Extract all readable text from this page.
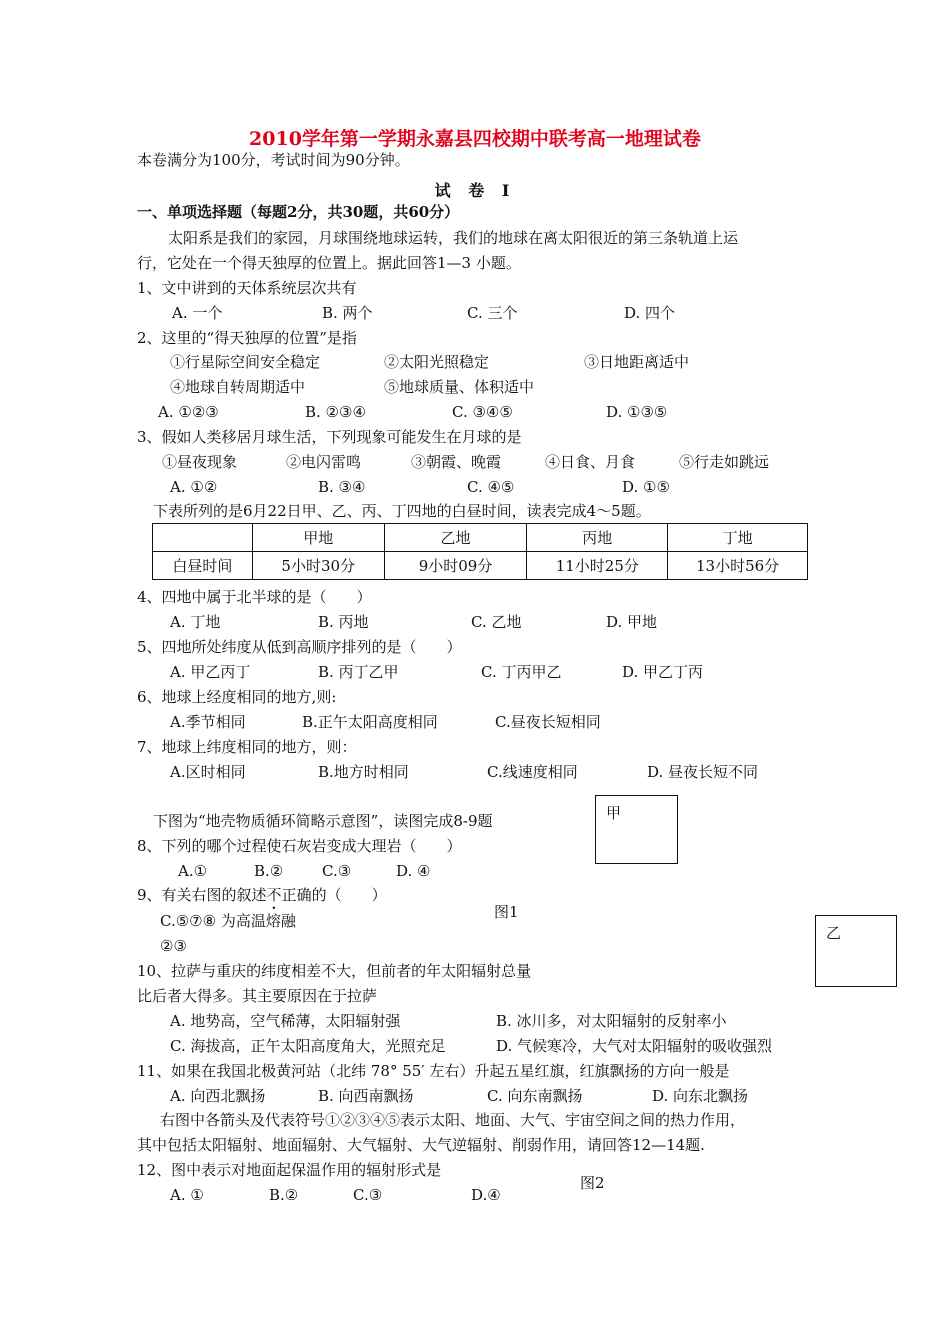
2010学年第一学期永嘉县四校期中联考高一地理试卷
本卷满分为100分，考试时间为90分钟。
试 卷 I
一、单项选择题（每题2分，共30题，共60分）
太阳系是我们的家园，月球围绕地球运转，我们的地球在离太阳很近的第三条轨道上运
行，它处在一个得天独厚的位置上。据此回答1—3 小题。
1、文中讲到的天体系统层次共有
A. 一个	B. 两个	C. 三个	D. 四个
2、这里的“得天独厚的位置”是指
①行星际空间安全稳定	②太阳光照稳定	③日地距离适中
④地球自转周期适中	⑤地球质量、体积适中
A. ①②③	B. ②③④	C. ③④⑤	D. ①③⑤
3、假如人类移居月球生活，下列现象可能发生在月球的是
①昼夜现象	②电闪雷鸣	③朝霞、晚霞	④日食、月食	⑤行走如跳远
A. ①②	B. ③④	C. ④⑤	D. ①⑤
下表所列的是6月22日甲、乙、丙、丁四地的白昼时间，读表完成4～5题。
	甲地	乙地	丙地	丁地
白昼时间	5小时30分	9小时09分	11小时25分	13小时56分
4、四地中属于北半球的是（　　）
A. 丁地	B. 丙地	C. 乙地	D. 甲地
5、四地所处纬度从低到高顺序排列的是（　　）
A. 甲乙丙丁	B. 丙丁乙甲	C. 丁丙甲乙	D. 甲乙丁丙
6、地球上经度相同的地方,则:
A.季节相同	B.正午太阳高度相同	C.昼夜长短相同
7、地球上纬度相同的地方，则：
A.区时相同	B.地方时相同	C.线速度相同	D. 昼夜长短不同
甲
下图为“地壳物质循环简略示意图”，读图完成8-9题
8、下列的哪个过程使石灰岩变成大理岩（　　）
A.①	B.②	C.③	D. ④
9、有关右图的叙述不正确的（　　）
图1
C.⑤⑦⑧ 为高温熔融
②③
乙
10、拉萨与重庆的纬度相差不大，但前者的年太阳辐射总量
比后者大得多。其主要原因在于拉萨
A. 地势高，空气稀薄，太阳辐射强	B. 冰川多，对太阳辐射的反射率小
C. 海拔高，正午太阳高度角大，光照充足	D. 气候寒冷，大气对太阳辐射的吸收强烈
11、如果在我国北极黄河站（北纬 78° 55′ 左右）升起五星红旗，红旗飘扬的方向一般是
A. 向西北飘扬	B. 向西南飘扬	C. 向东南飘扬	D. 向东北飘扬
右图中各箭头及代表符号①②③④⑤表示太阳、地面、大气、宇宙空间之间的热力作用，
其中包括太阳辐射、地面辐射、大气辐射、大气逆辐射、削弱作用，请回答12—14题.
12、图中表示对地面起保温作用的辐射形式是
图2
A. ①	B.②	C.③	D.④
